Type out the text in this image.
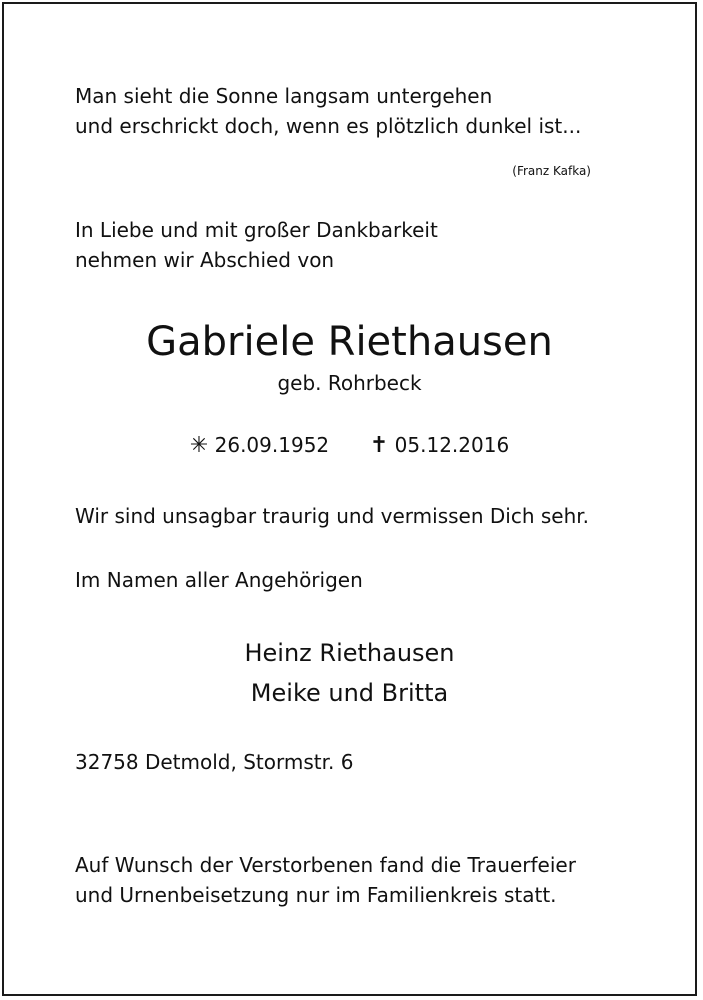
Man sieht die Sonne langsam untergehen
und erschrickt doch, wenn es plötzlich dunkel ist...
(Franz Kafka)
In Liebe und mit großer Dankbarkeit
nehmen wir Abschied von
Gabriele Riethausen
geb. Rohrbeck
✳ 26.09.1952 ✝ 05.12.2016
Wir sind unsagbar traurig und vermissen Dich sehr.
Im Namen aller Angehörigen
Heinz Riethausen
Meike und Britta
32758 Detmold, Stormstr. 6
Auf Wunsch der Verstorbenen fand die Trauerfeier
und Urnenbeisetzung nur im Familienkreis statt.
